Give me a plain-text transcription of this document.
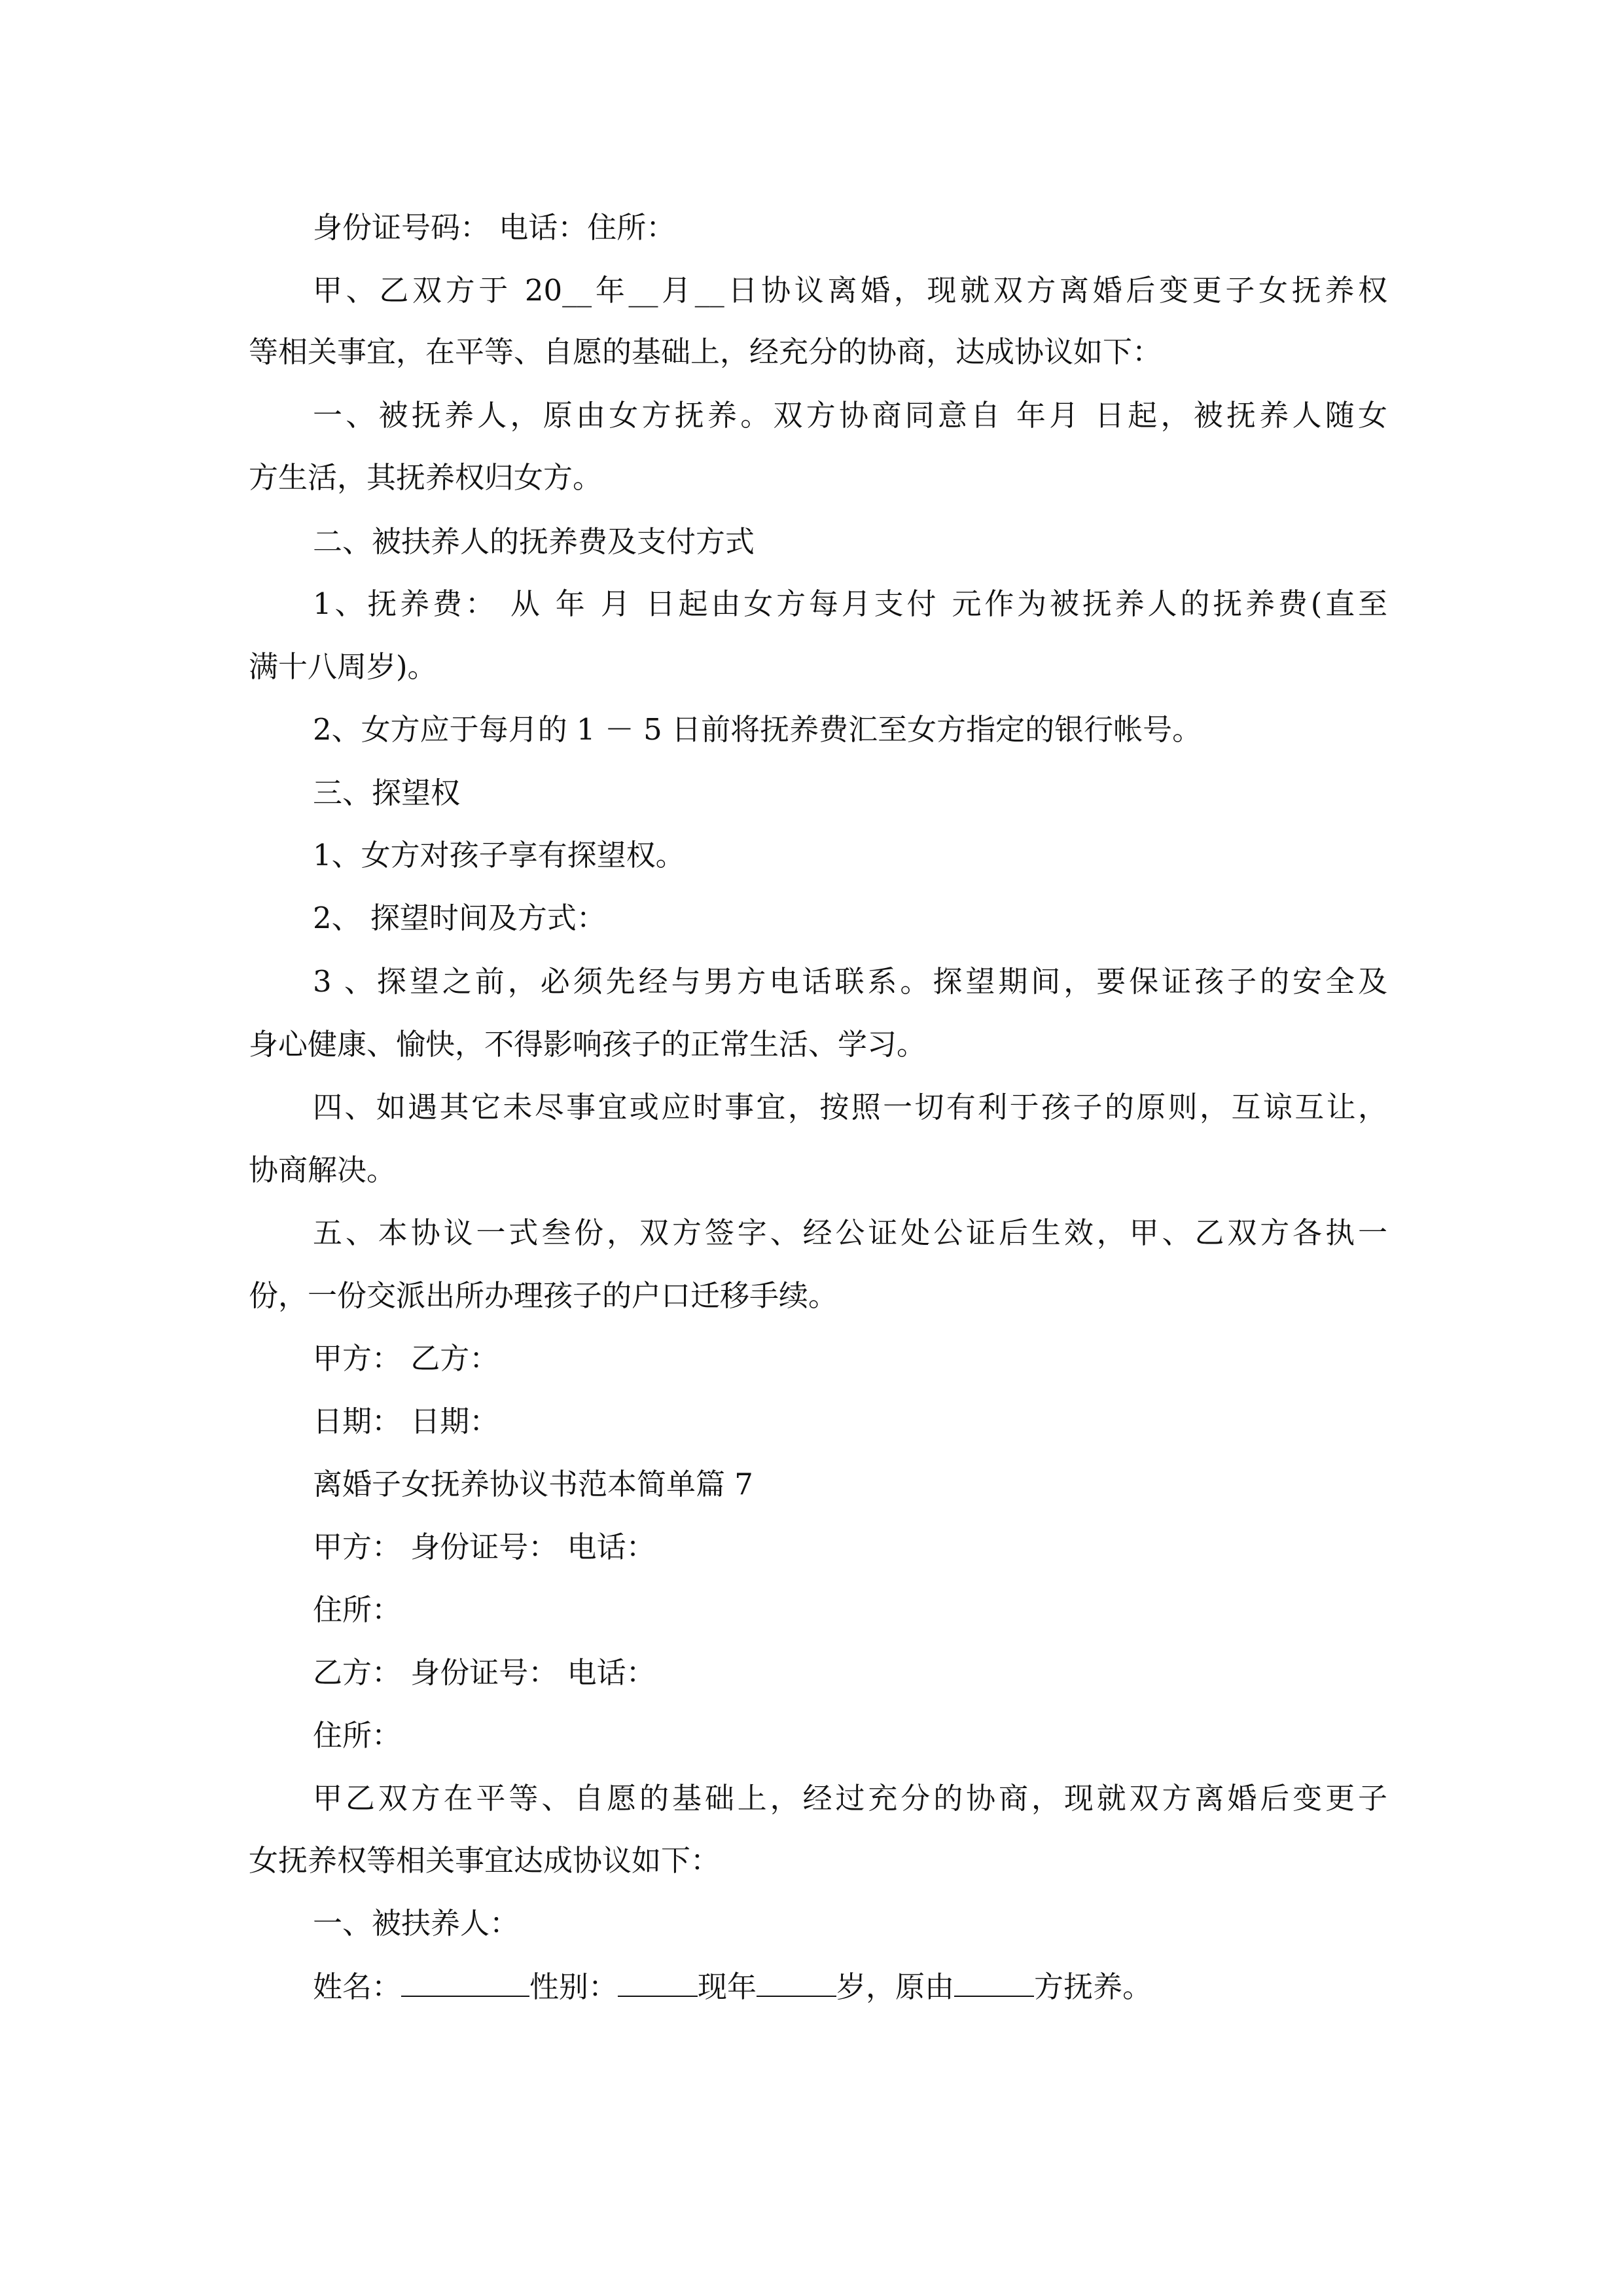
身份证号码： 电话：住所：
甲、乙双方于 20__年__月__日协议离婚，现就双方离婚后变更子女抚养权
等相关事宜，在平等、自愿的基础上，经充分的协商，达成协议如下：
一、被抚养人，原由女方抚养。双方协商同意自 年月 日起，被抚养人随女
方生活，其抚养权归女方。
二、被扶养人的抚养费及支付方式
1、抚养费： 从 年 月 日起由女方每月支付 元作为被抚养人的抚养费(直至
满十八周岁)。
2、女方应于每月的 1 － 5 日前将抚养费汇至女方指定的银行帐号。
三、探望权
1、女方对孩子享有探望权。
2、 探望时间及方式：
3 、探望之前，必须先经与男方电话联系。探望期间，要保证孩子的安全及
身心健康、愉快，不得影响孩子的正常生活、学习。
四、如遇其它未尽事宜或应时事宜，按照一切有利于孩子的原则，互谅互让，
协商解决。
五、本协议一式叁份，双方签字、经公证处公证后生效，甲、乙双方各执一
份，一份交派出所办理孩子的户口迁移手续。
甲方： 乙方：
日期： 日期：
离婚子女抚养协议书范本简单篇 7
甲方： 身份证号： 电话：
住所：
乙方： 身份证号： 电话：
住所：
甲乙双方在平等、自愿的基础上，经过充分的协商，现就双方离婚后变更子
女抚养权等相关事宜达成协议如下：
一、被扶养人：
姓名：	性别：	现年	岁，原由	方抚养。
